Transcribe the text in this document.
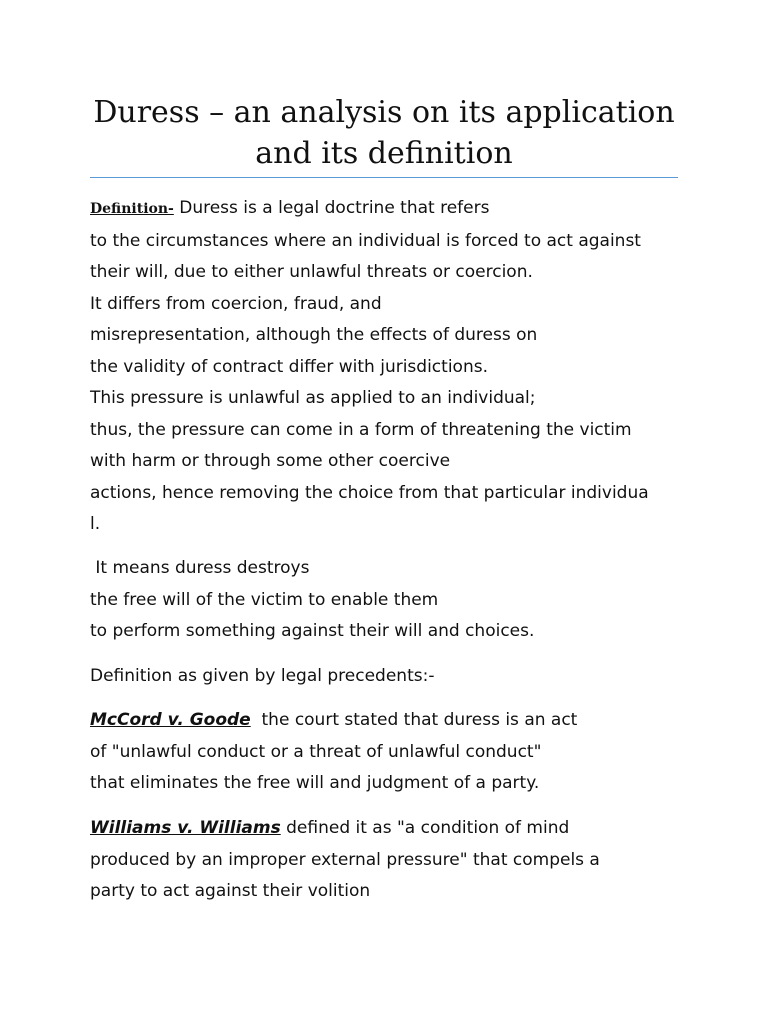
Duress – an analysis on its application
and its definition
Definition- Duress is a legal doctrine that refers
to the circumstances where an individual is forced to act against
their will, due to either unlawful threats or coercion.
It differs from coercion, fraud, and
misrepresentation, although the effects of duress on
the validity of contract differ with jurisdictions.
This pressure is unlawful as applied to an individual;
thus, the pressure can come in a form of threatening the victim
with harm or through some other coercive
actions, hence removing the choice from that particular individua
l.
It means duress destroys
the free will of the victim to enable them
to perform something against their will and choices.
Definition as given by legal precedents:-
McCord v. Goode  the court stated that duress is an act
of "unlawful conduct or a threat of unlawful conduct"
that eliminates the free will and judgment of a party.
Williams v. Williams defined it as "a condition of mind
produced by an improper external pressure" that compels a
party to act against their volition
